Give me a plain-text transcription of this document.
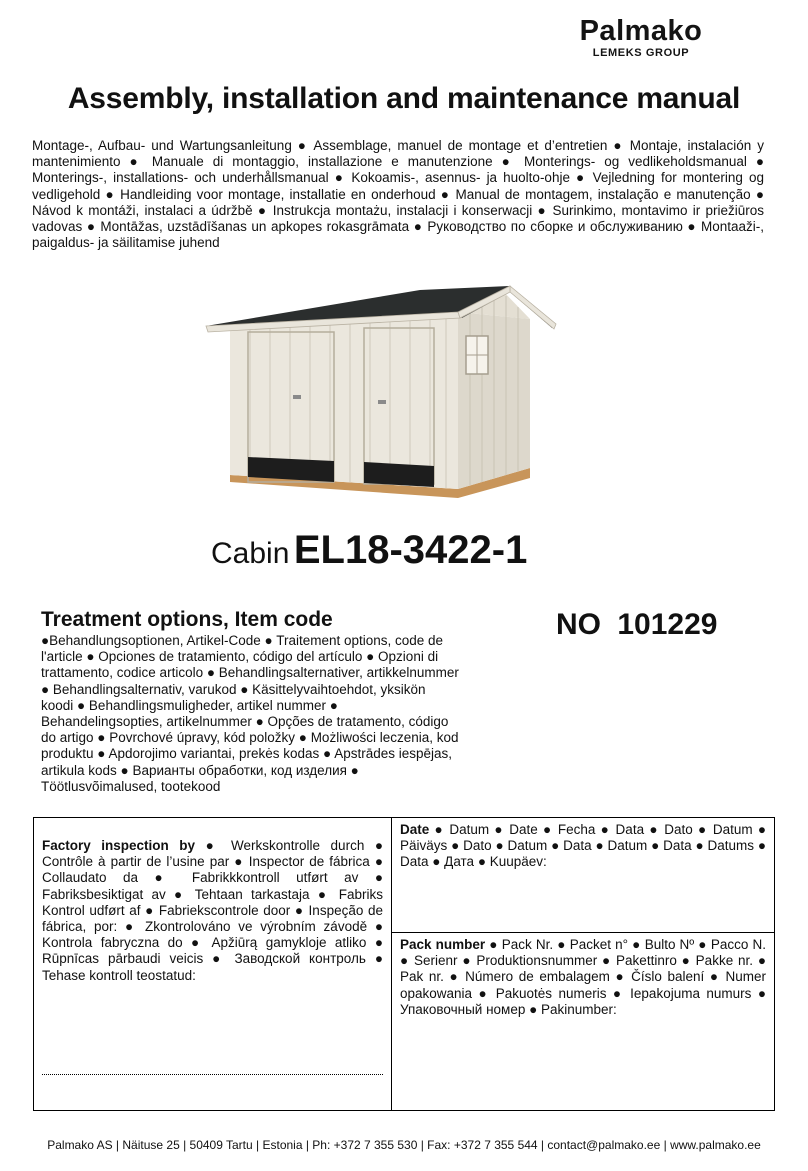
Palmako
LEMEKS GROUP
Assembly, installation and maintenance manual
Montage-, Aufbau- und Wartungsanleitung ● Assemblage, manuel de montage et d’entretien ● Montaje, instalación y mantenimiento ● Manuale di montaggio, installazione e manutenzione ● Monterings- og vedlikeholdsmanual ● Monterings-, installations- och underhållsmanual ● Kokoamis-, asennus- ja huolto-ohje ● Vejledning for montering og vedligehold ● Handleiding voor montage, installatie en onderhoud ● Manual de montagem, instalação e manutenção ● Návod k montáži, instalaci a údržbě ● Instrukcja montażu, instalacji i konserwacji ● Surinkimo, montavimo ir priežiūros vadovas ● Montāžas, uzstādīšanas un apkopes rokasgrāmata ● Руководство по сборке и обслуживанию ● Montaaži-, paigaldus- ja säilitamise juhend
Cabin EL18-3422-1
Treatment options, Item code
●Behandlungsoptionen, Artikel-Code ● Traitement options, code de l'article ● Opciones de tratamiento, código del artículo ● Opzioni di trattamento, codice articolo ● Behandlingsalternativer, artikkelnummer ● Behandlingsalternativ, varukod ● Käsittelyvaihtoehdot, yksikön koodi ● Behandlingsmuligheder, artikel nummer ● Behandelingsopties, artikelnummer ● Opções de tratamento, código do artigo ● Povrchové úpravy, kód položky ● Możliwości leczenia, kod produktu ● Apdorojimo variantai, prekės kodas ● Apstrādes iespējas, artikula kods ● Варианты обработки, код изделия ● Töötlusvõimalused, tootekood
NO 101229
Factory inspection by ● Werkskontrolle durch ● Contrôle à partir de l’usine par ● Inspector de fábrica ● Collaudato da ● Fabrikkkontroll utført av ● Fabriksbesiktigat av ● Tehtaan tarkastaja ● Fabriks Kontrol udført af ● Fabriekscontrole door ● Inspeção de fábrica, por: ● Zkontrolováno ve výrobním závodě ● Kontrola fabryczna do ● Apžiūrą gamykloje atliko ● Rūpnīcas pārbaudi veicis ● Заводской контроль ● Tehase kontroll teostatud:
Date ● Datum ● Date ● Fecha ● Data ● Dato ● Datum ● Päiväys ● Dato ● Datum ● Data ● Datum ● Data ● Datums ● Data ● Дата ● Kuupäev:
Pack number ● Pack Nr. ● Packet n° ● Bulto Nº ● Pacco N. ● Serienr ● Produktionsnummer ● Pakettinro ● Pakke nr. ● Pak nr. ● Número de embalagem ● Číslo balení ● Numer opakowania ● Pakuotės numeris ● Iepakojuma numurs ● Упаковочный номер ● Pakinumber:
Palmako AS | Näituse 25 | 50409 Tartu | Estonia | Ph: +372 7 355 530 | Fax: +372 7 355 544 | contact@palmako.ee | www.palmako.ee
